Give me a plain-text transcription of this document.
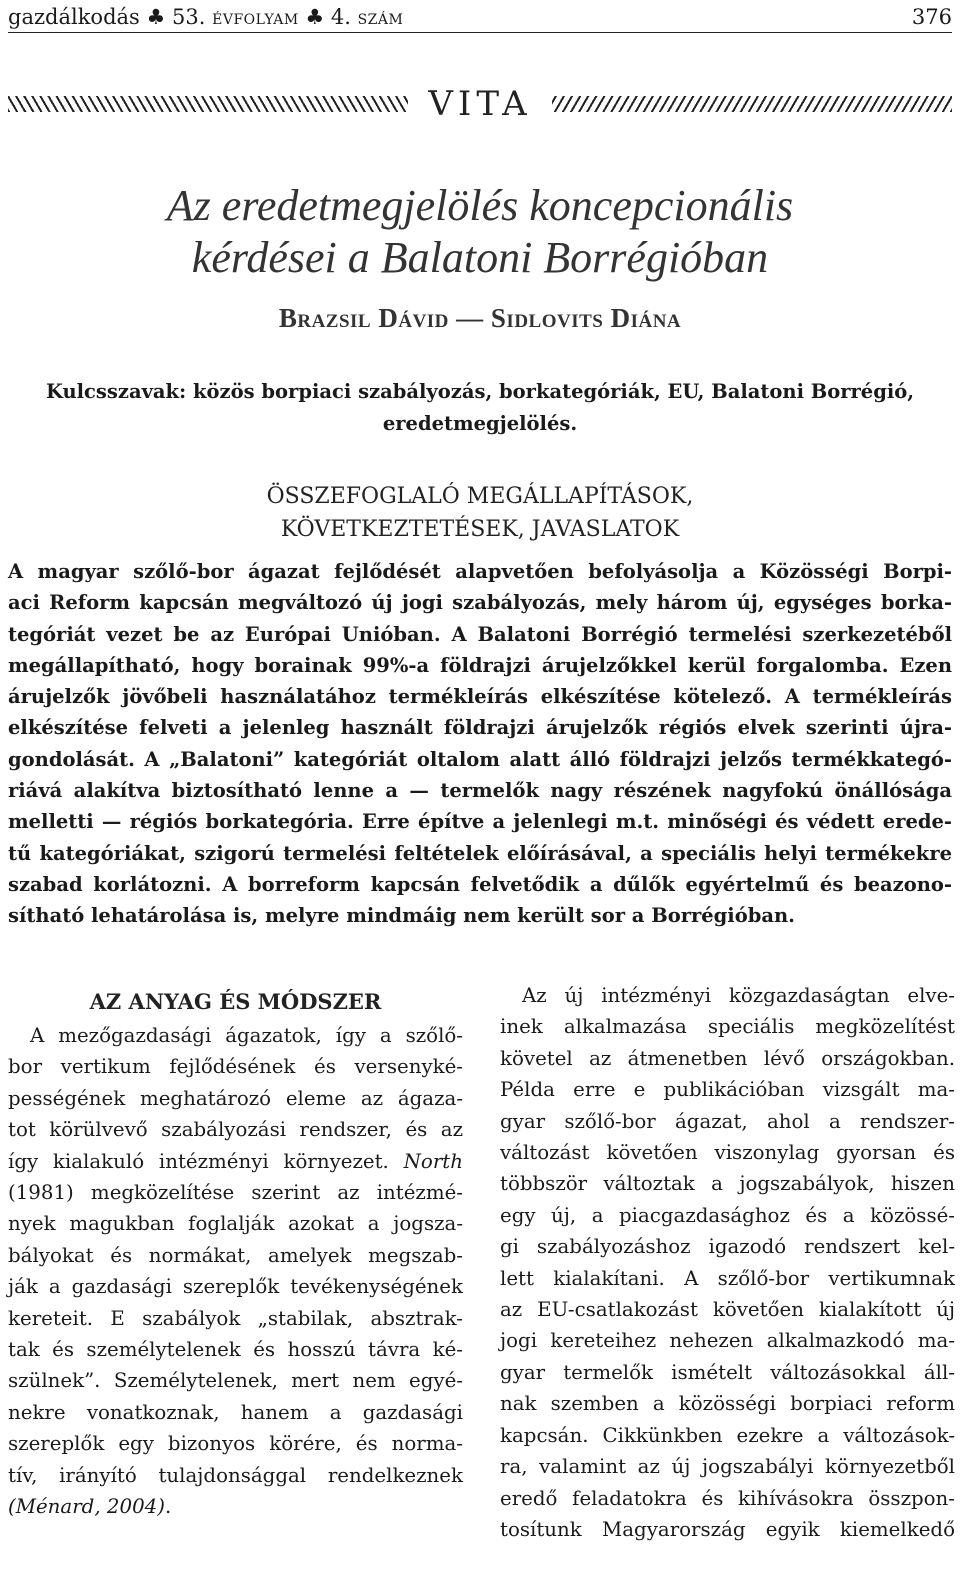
gazdálkodás ♣ 53. ÉVFOLYAM ♣ 4. SZÁM	376
VITA
Az eredetmegjelölés koncepcionális
kérdései a Balatoni Borrégióban
Brazsil Dávid — Sidlovits Diána
Kulcsszavak: közös borpiaci szabályozás, borkategóriák, EU, Balatoni Borrégió,
eredetmegjelölés.
ÖSSZEFOGLALÓ MEGÁLLAPÍTÁSOK,
KÖVETKEZTETÉSEK, JAVASLATOK
A magyar szőlő-bor ágazat fejlődését alapvetően befolyásolja a Közösségi Borpi-
aci Reform kapcsán megváltozó új jogi szabályozás, mely három új, egységes borka-
tegóriát vezet be az Európai Unióban. A Balatoni Borrégió termelési szerkezetéből
megállapítható, hogy borainak 99%-a földrajzi árujelzőkkel kerül forgalomba. Ezen
árujelzők jövőbeli használatához termékleírás elkészítése kötelező. A termékleírás
elkészítése felveti a jelenleg használt földrajzi árujelzők régiós elvek szerinti újra-
gondolását. A „Balatoni” kategóriát oltalom alatt álló földrajzi jelzős termékkategó-
riává alakítva biztosítható lenne a — termelők nagy részének nagyfokú önállósága
melletti — régiós borkategória. Erre építve a jelenlegi m.t. minőségi és védett erede-
tű kategóriákat, szigorú termelési feltételek előírásával, a speciális helyi termékekre
szabad korlátozni. A borreform kapcsán felvetődik a dűlők egyértelmű és beazono-
sítható lehatárolása is, melyre mindmáig nem került sor a Borrégióban.
AZ ANYAG ÉS MÓDSZER
A mezőgazdasági ágazatok, így a szőlő-
bor vertikum fejlődésének és versenyké-
pességének meghatározó eleme az ágaza-
tot körülvevő szabályozási rendszer, és az
így kialakuló intézményi környezet. North
(1981) megközelítése szerint az intézmé-
nyek magukban foglalják azokat a jogsza-
bályokat és normákat, amelyek megszab-
ják a gazdasági szereplők tevékenységének
kereteit. E szabályok „stabilak, absztrak-
tak és személytelenek és hosszú távra ké-
szülnek”. Személytelenek, mert nem egyé-
nekre vonatkoznak, hanem a gazdasági
szereplők egy bizonyos körére, és norma-
tív, irányító tulajdonsággal rendelkeznek
(Ménard, 2004).
Az új intézményi közgazdaságtan elve-
inek alkalmazása speciális megközelítést
követel az átmenetben lévő országokban.
Példa erre e publikációban vizsgált ma-
gyar szőlő-bor ágazat, ahol a rendszer-
változást követően viszonylag gyorsan és
többször változtak a jogszabályok, hiszen
egy új, a piacgazdasághoz és a közössé-
gi szabályozáshoz igazodó rendszert kel-
lett kialakítani. A szőlő-bor vertikumnak
az EU-csatlakozást követően kialakított új
jogi kereteihez nehezen alkalmazkodó ma-
gyar termelők ismételt változásokkal áll-
nak szemben a közösségi borpiaci reform
kapcsán. Cikkünkben ezekre a változások-
ra, valamint az új jogszabályi környezetből
eredő feladatokra és kihívásokra összpon-
tosítunk Magyarország egyik kiemelkedő
